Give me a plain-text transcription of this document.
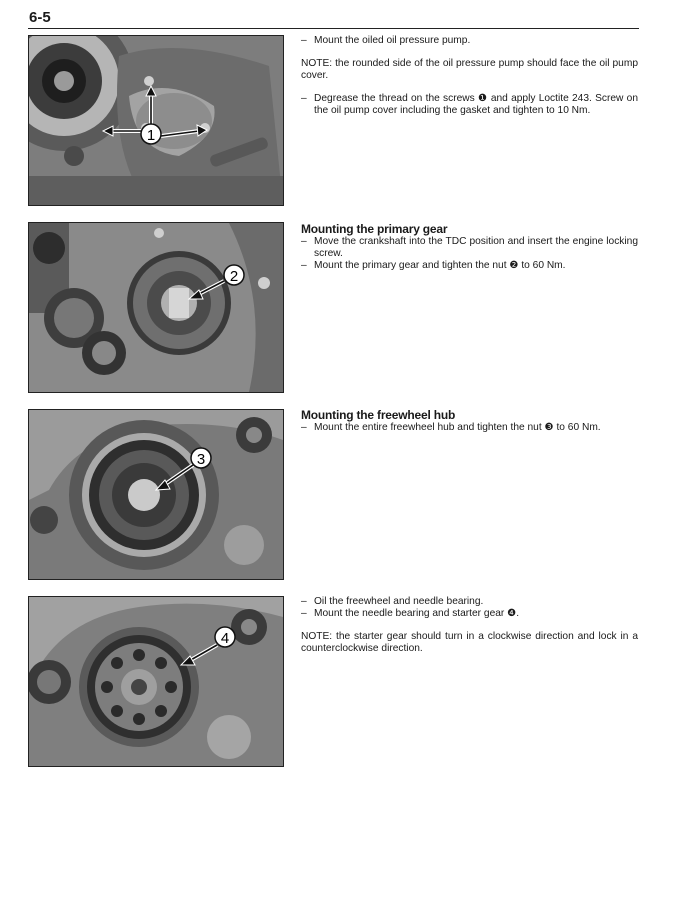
6-5
1
2
3
4
– Mount the oiled oil pressure pump.
NOTE: the rounded side of the oil pressure pump should face the oil pump cover.
– Degrease the thread on the screws ❶ and apply Loctite 243. Screw on the oil pump cover including the gasket and tighten to 10 Nm.
Mounting the primary gear
– Move the crankshaft into the TDC position and insert the engine locking screw.
– Mount the primary gear and tighten the nut ❷ to 60 Nm.
Mounting the freewheel hub
– Mount the entire freewheel hub and tighten the nut ❸ to 60 Nm.
– Oil the freewheel and needle bearing.
– Mount the needle bearing and starter gear ❹.
NOTE: the starter gear should turn in a clockwise direction and lock in a counterclockwise direction.
